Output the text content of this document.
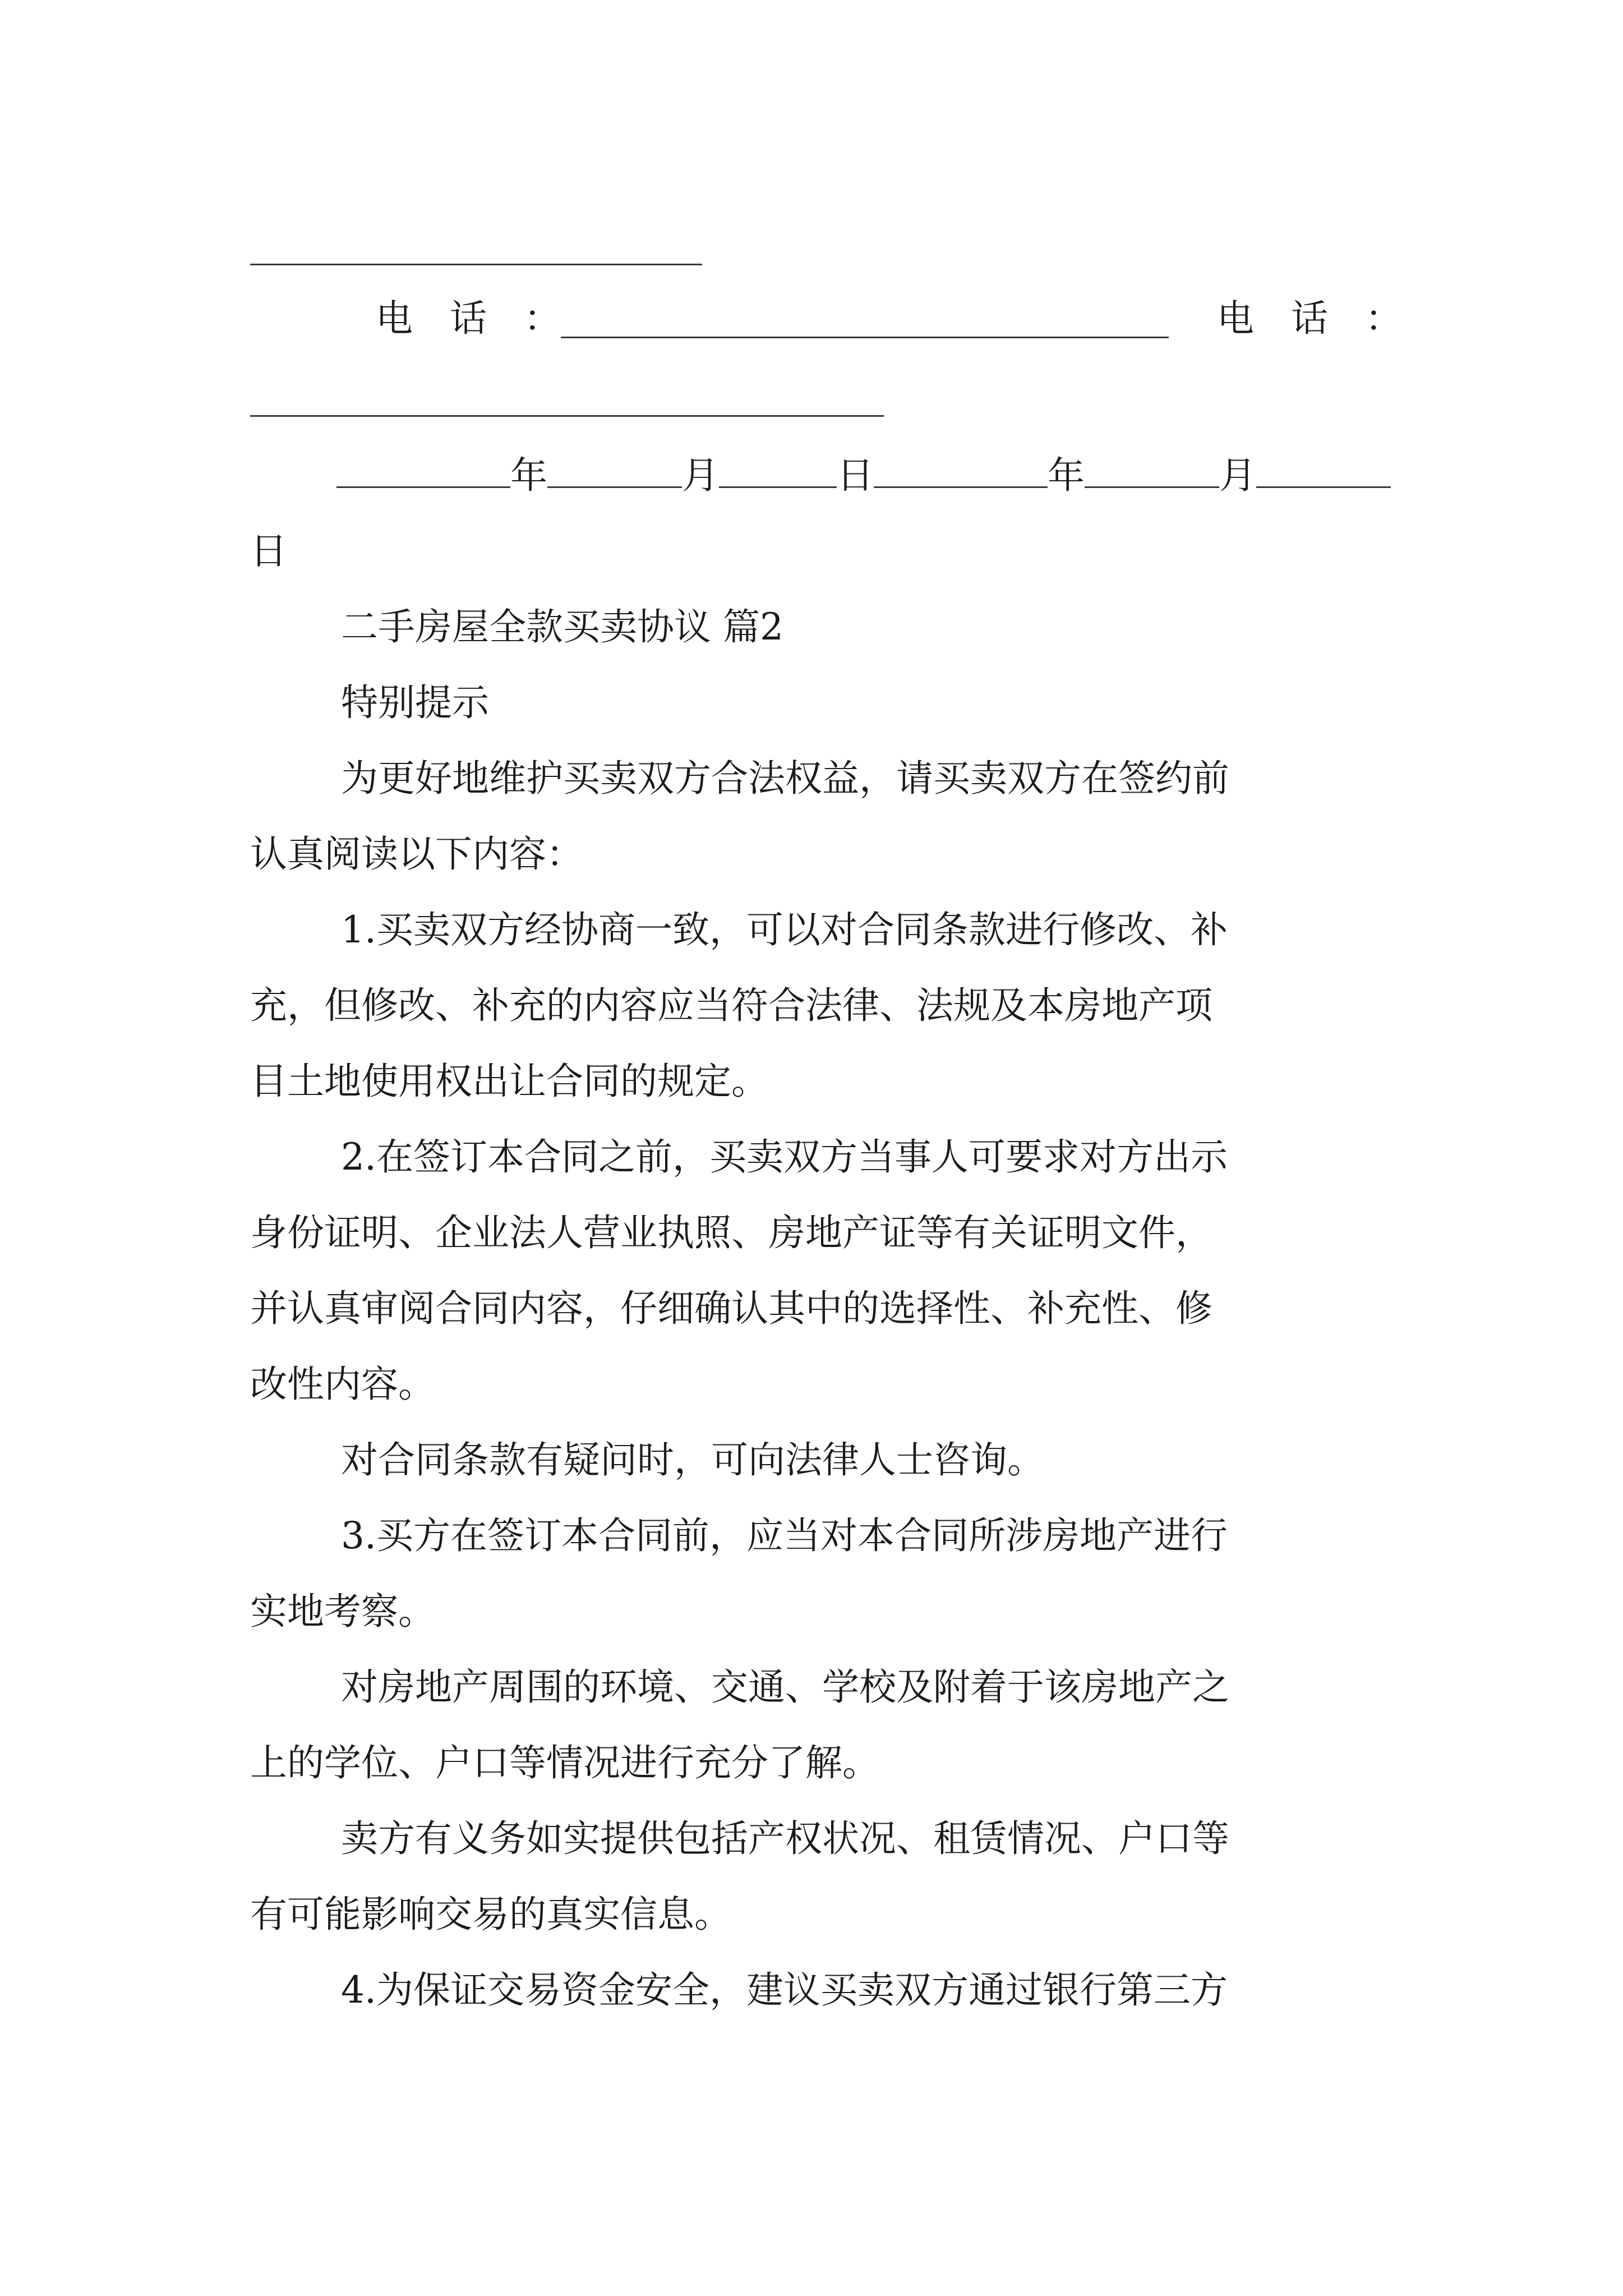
电　话　：	电　话　：
年	月	日	年	月
日

二手房屋全款买卖协议 篇2

特别提示

为更好地维护买卖双方合法权益，请买卖双方在签约前

认真阅读以下内容：

1.买卖双方经协商一致，可以对合同条款进行修改、补

充，但修改、补充的内容应当符合法律、法规及本房地产项

目土地使用权出让合同的规定。

2.在签订本合同之前，买卖双方当事人可要求对方出示

身份证明、企业法人营业执照、房地产证等有关证明文件，

并认真审阅合同内容，仔细确认其中的选择性、补充性、修

改性内容。

对合同条款有疑问时，可向法律人士咨询。

3.买方在签订本合同前，应当对本合同所涉房地产进行

实地考察。

对房地产周围的环境、交通、学校及附着于该房地产之

上的学位、户口等情况进行充分了解。

卖方有义务如实提供包括产权状况、租赁情况、户口等

有可能影响交易的真实信息。

4.为保证交易资金安全，建议买卖双方通过银行第三方
